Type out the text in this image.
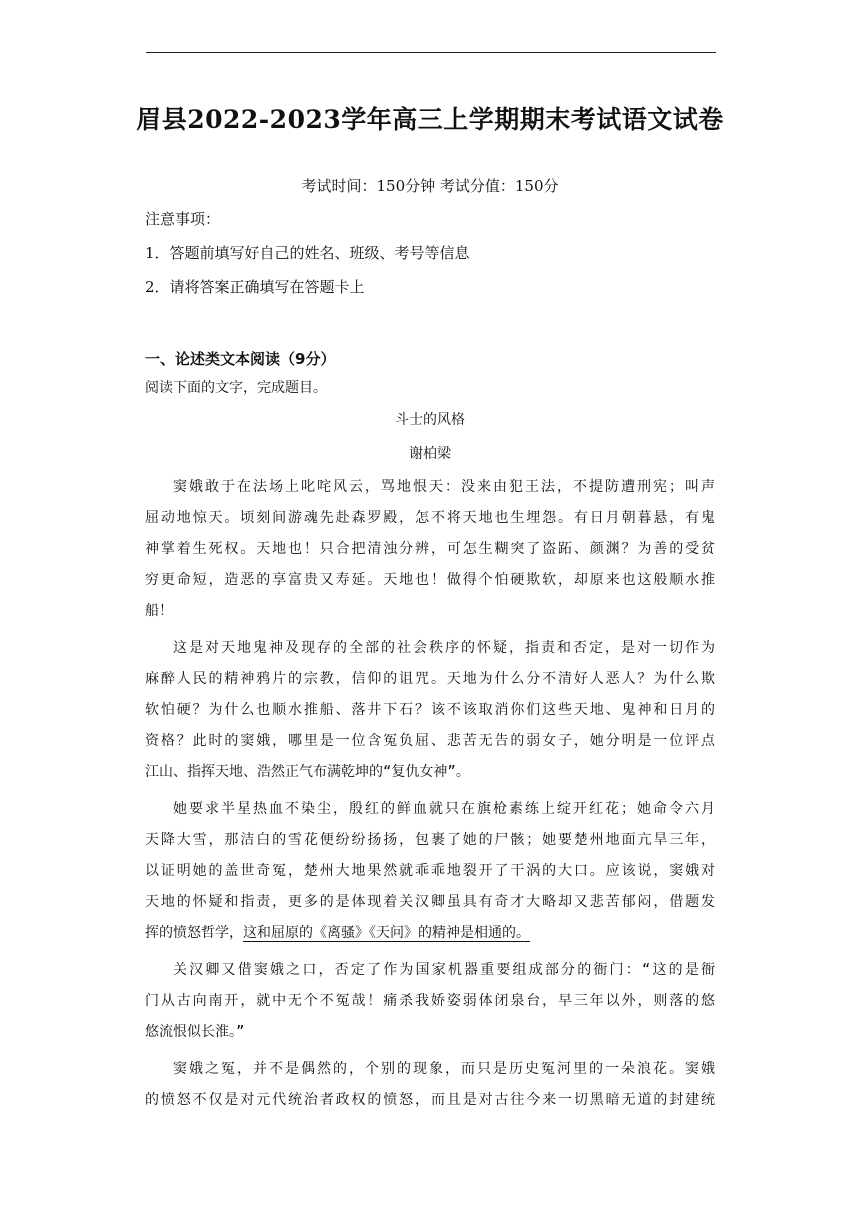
眉县2022-2023学年高三上学期期末考试语文试卷
考试时间：150分钟 考试分值：150分
注意事项：
1．答题前填写好自己的姓名、班级、考号等信息
2．请将答案正确填写在答题卡上
一、论述类文本阅读（9分）
阅读下面的文字，完成题目。
斗士的风格
谢柏梁
窦娥敢于在法场上叱咤风云，骂地恨天：没来由犯王法，不提防遭刑宪；叫声
屈动地惊天。顷刻间游魂先赴森罗殿，怎不将天地也生埋怨。有日月朝暮悬，有鬼
神掌着生死权。天地也！只合把清浊分辨，可怎生糊突了盗跖、颜渊？为善的受贫
穷更命短，造恶的享富贵又寿延。天地也！做得个怕硬欺软，却原来也这般顺水推
船！
这是对天地鬼神及现存的全部的社会秩序的怀疑，指责和否定，是对一切作为
麻醉人民的精神鸦片的宗教，信仰的诅咒。天地为什么分不清好人恶人？为什么欺
软怕硬？为什么也顺水推船、落井下石？该不该取消你们这些天地、鬼神和日月的
资格？此时的窦娥，哪里是一位含冤负屈、悲苦无告的弱女子，她分明是一位评点
江山、指挥天地、浩然正气布满乾坤的“复仇女神”。
她要求半星热血不染尘，殷红的鲜血就只在旗枪素练上绽开红花；她命令六月
天降大雪，那洁白的雪花便纷纷扬扬，包裹了她的尸骸；她要楚州地面亢旱三年，
以证明她的盖世奇冤，楚州大地果然就乖乖地裂开了干涡的大口。应该说，窦娥对
天地的怀疑和指责，更多的是体现着关汉卿虽具有奇才大略却又悲苦郁闷，借题发
挥的愤怒哲学，这和屈原的《离骚》《天问》的精神是相通的。
关汉卿又借窦娥之口，否定了作为国家机器重要组成部分的衙门：“这的是衙
门从古向南开，就中无个不冤哉！痛杀我娇姿弱体闭泉台，早三年以外，则落的悠
悠流恨似长淮。”
窦娥之冤，并不是偶然的，个别的现象，而只是历史冤河里的一朵浪花。窦娥
的愤怒不仅是对元代统治者政权的愤怒，而且是对古往今来一切黑暗无道的封建统
